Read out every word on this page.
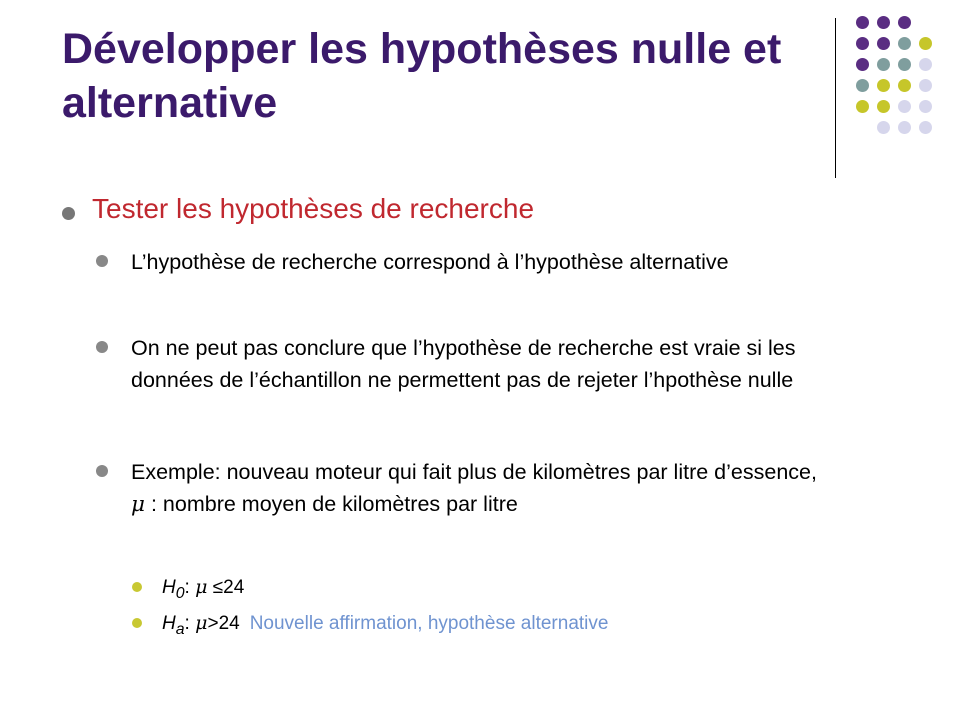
Développer les hypothèses nulle et alternative
Tester les hypothèses de recherche
L’hypothèse de recherche correspond à l’hypothèse alternative
On ne peut pas conclure que l’hypothèse de recherche est vraie si les données de l’échantillon ne permettent pas de rejeter l’hpothèse nulle
Exemple: nouveau moteur qui fait plus de kilomètres par litre d’essence,  μ : nombre moyen de kilomètres par litre
$H_0$: μ ≤24
$H_a$: μ>24 Nouvelle affirmation, hypothèse alternative
